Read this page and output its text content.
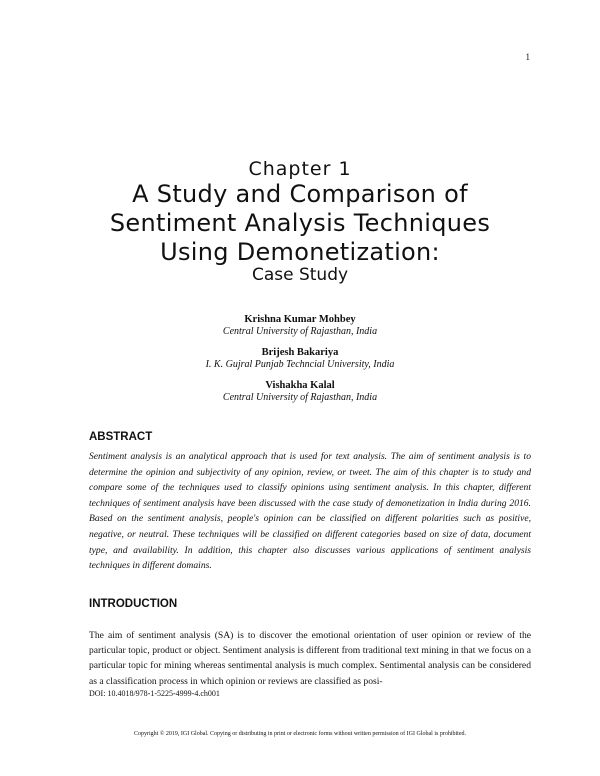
1
Chapter 1
A Study and Comparison of
Sentiment Analysis Techniques
Using Demonetization:
Case Study
Krishna Kumar Mohbey
Central University of Rajasthan, India
Brijesh Bakariya
I. K. Gujral Punjab Techncial University, India
Vishakha Kalal
Central University of Rajasthan, India
ABSTRACT
Sentiment analysis is an analytical approach that is used for text analysis. The aim of sentiment analysis is to determine the opinion and subjectivity of any opinion, review, or tweet. The aim of this chapter is to study and compare some of the techniques used to classify opinions using sentiment analysis. In this chapter, different techniques of sentiment analysis have been discussed with the case study of demonetization in India during 2016. Based on the sentiment analysis, people's opinion can be classified on different polarities such as positive, negative, or neutral. These techniques will be classified on different categories based on size of data, document type, and availability. In addition, this chapter also discusses various applications of sentiment analysis techniques in different domains.
INTRODUCTION
The aim of sentiment analysis (SA) is to discover the emotional orientation of user opinion or review of the particular topic, product or object. Sentiment analysis is different from traditional text mining in that we focus on a particular topic for mining whereas sentimental analysis is much complex. Sentimental analysis can be considered as a classification process in which opinion or reviews are classified as posi-
DOI: 10.4018/978-1-5225-4999-4.ch001
Copyright © 2019, IGI Global. Copying or distributing in print or electronic forms without written permission of IGI Global is prohibited.
